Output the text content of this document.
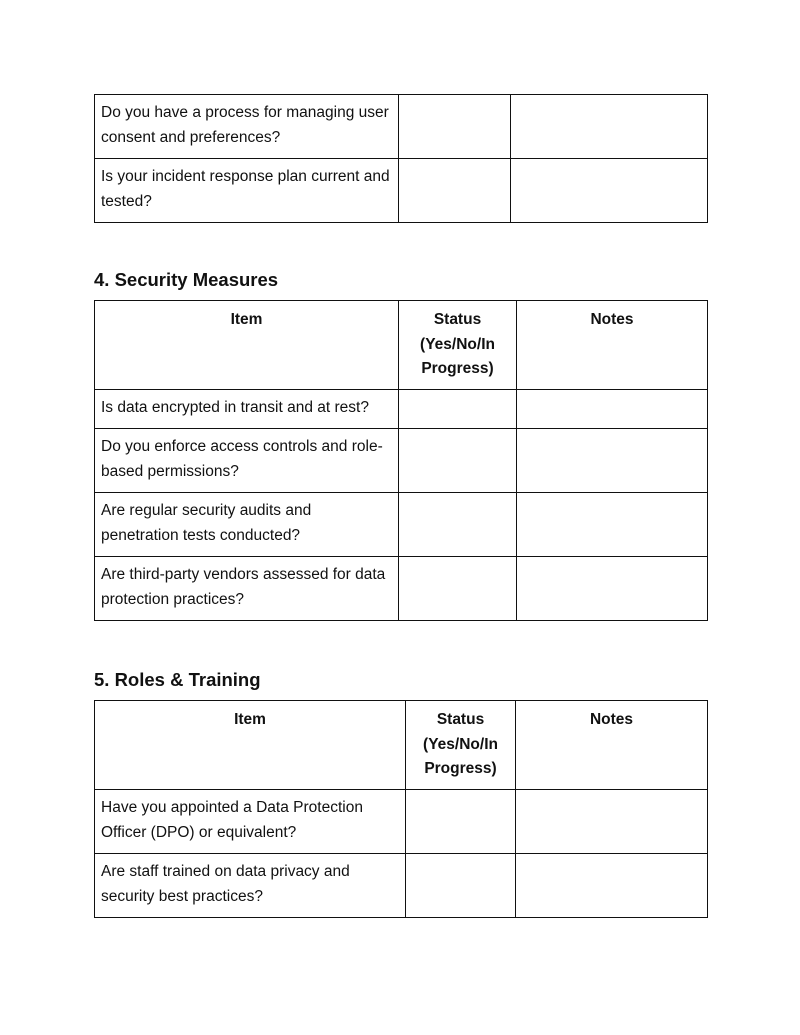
Do you have a process for managing user consent and preferences?		
Is your incident response plan current and tested?		
4. Security Measures
Item	Status (Yes/No/In Progress)	Notes
Is data encrypted in transit and at rest?		
Do you enforce access controls and role-based permissions?		
Are regular security audits and penetration tests conducted?		
Are third-party vendors assessed for data protection practices?		
5. Roles & Training
Item	Status (Yes/No/In Progress)	Notes
Have you appointed a Data Protection Officer (DPO) or equivalent?		
Are staff trained on data privacy and security best practices?		
